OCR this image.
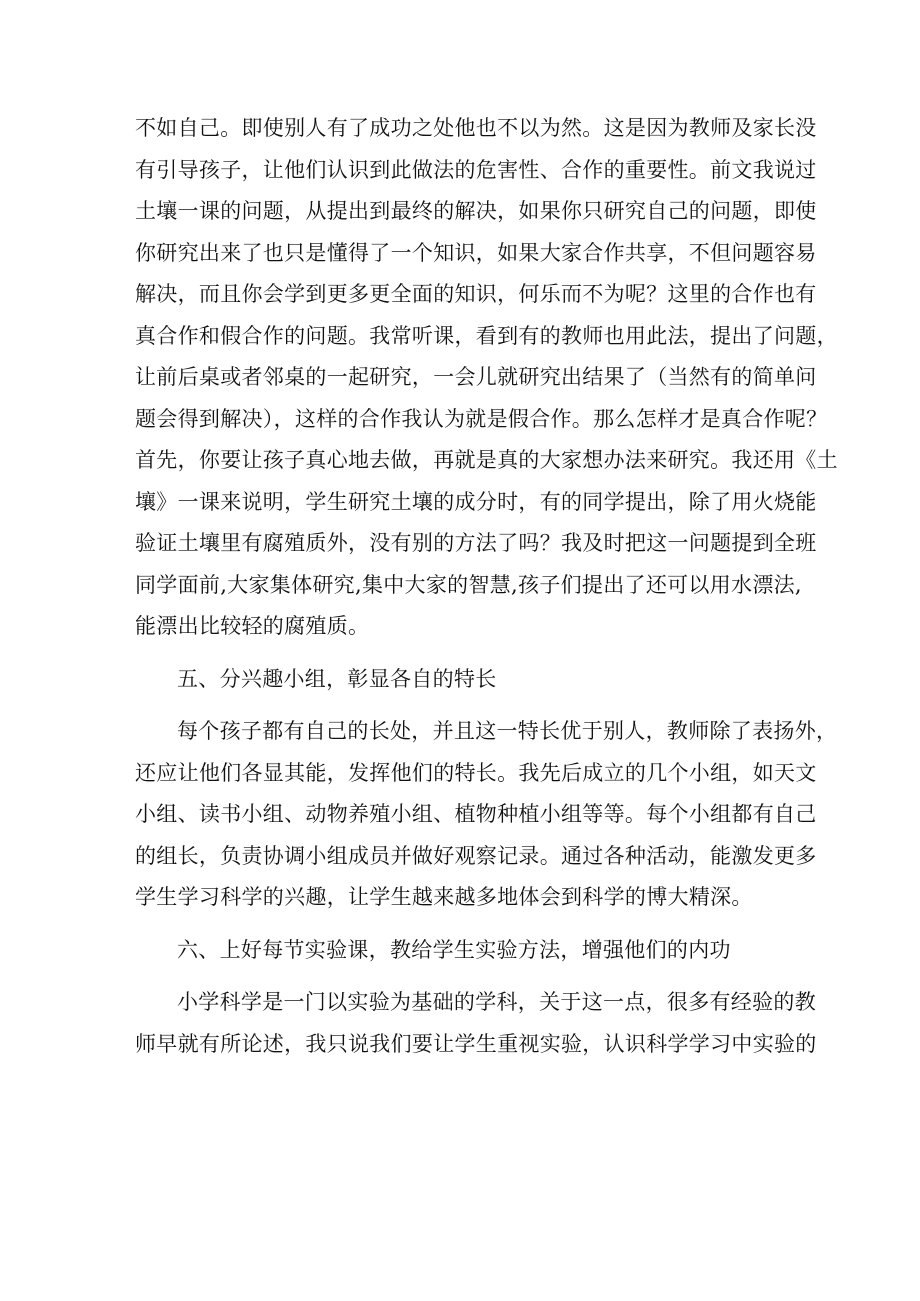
不如自己。即使别人有了成功之处他也不以为然。这是因为教师及家长没
有引导孩子，让他们认识到此做法的危害性、合作的重要性。前文我说过
土壤一课的问题，从提出到最终的解决，如果你只研究自己的问题，即使
你研究出来了也只是懂得了一个知识，如果大家合作共享，不但问题容易
解决，而且你会学到更多更全面的知识，何乐而不为呢？这里的合作也有
真合作和假合作的问题。我常听课，看到有的教师也用此法，提出了问题，
让前后桌或者邻桌的一起研究，一会儿就研究出结果了（当然有的简单问
题会得到解决），这样的合作我认为就是假合作。那么怎样才是真合作呢？
首先，你要让孩子真心地去做，再就是真的大家想办法来研究。我还用《土
壤》一课来说明，学生研究土壤的成分时，有的同学提出，除了用火烧能
验证土壤里有腐殖质外，没有别的方法了吗？我及时把这一问题提到全班
同学面前,大家集体研究,集中大家的智慧,孩子们提出了还可以用水漂法,
能漂出比较轻的腐殖质。

五、分兴趣小组，彰显各自的特长

每个孩子都有自己的长处，并且这一特长优于别人，教师除了表扬外，
还应让他们各显其能，发挥他们的特长。我先后成立的几个小组，如天文
小组、读书小组、动物养殖小组、植物种植小组等等。每个小组都有自己
的组长，负责协调小组成员并做好观察记录。通过各种活动，能激发更多
学生学习科学的兴趣，让学生越来越多地体会到科学的博大精深。

六、上好每节实验课，教给学生实验方法，增强他们的内功

小学科学是一门以实验为基础的学科，关于这一点，很多有经验的教
师早就有所论述，我只说我们要让学生重视实验，认识科学学习中实验的
